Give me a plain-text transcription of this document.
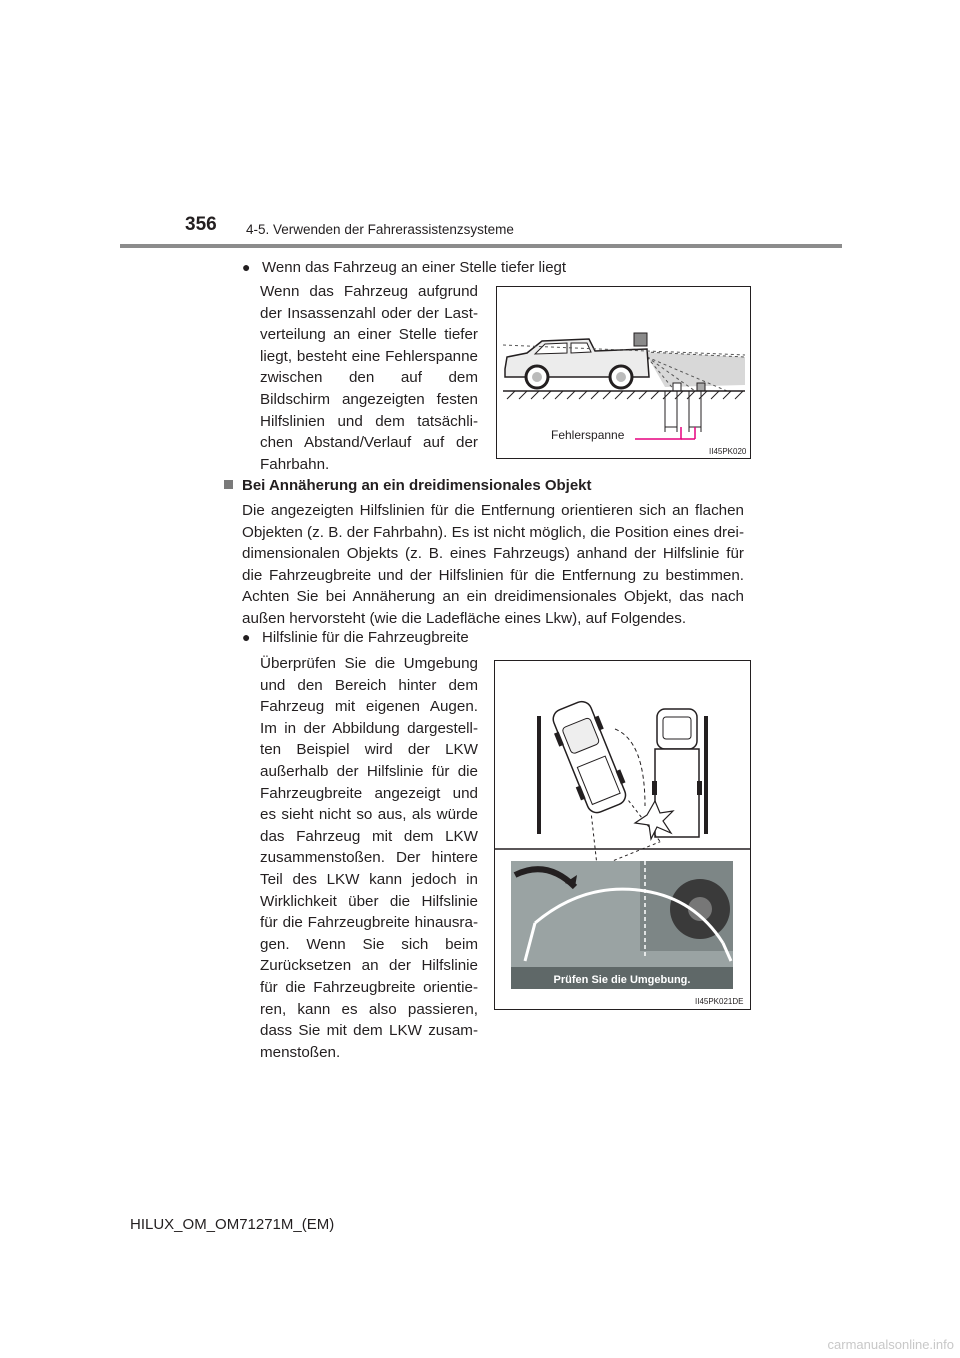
356 4-5. Verwenden der Fahrerassistenzsysteme
● Wenn das Fahrzeug an einer Stelle tiefer liegt
Wenn das Fahrzeug aufgrund der Insassenzahl oder der Lastverteilung an einer Stelle tiefer liegt, besteht eine Fehlerspanne zwischen den auf dem Bildschirm angezeigten festen Hilfslinien und dem tatsächlichen Abstand/Verlauf auf der Fahrbahn.
Fehlerspanne
II45PK020
Bei Annäherung an ein dreidimensionales Objekt
Die angezeigten Hilfslinien für die Entfernung orientieren sich an flachen Objekten (z. B. der Fahrbahn). Es ist nicht möglich, die Position eines dreidimensionalen Objekts (z. B. eines Fahrzeugs) anhand der Hilfslinie für die Fahrzeugbreite und der Hilfslinien für die Entfernung zu bestimmen. Achten Sie bei Annäherung an ein dreidimensionales Objekt, das nach außen hervorsteht (wie die Ladefläche eines Lkw), auf Folgendes.
● Hilfslinie für die Fahrzeugbreite
Überprüfen Sie die Umgebung und den Bereich hinter dem Fahrzeug mit eigenen Augen. Im in der Abbildung dargestellten Beispiel wird der LKW außerhalb der Hilfslinie für die Fahrzeugbreite angezeigt und es sieht nicht so aus, als würde das Fahrzeug mit dem LKW zusammenstoßen. Der hintere Teil des LKW kann jedoch in Wirklichkeit über die Hilfslinie für die Fahrzeugbreite hinausragen. Wenn Sie sich beim Zurücksetzen an der Hilfslinie für die Fahrzeugbreite orientieren, kann es also passieren, dass Sie mit dem LKW zusammenstoßen.
Prüfen Sie die Umgebung.
II45PK021DE
HILUX_OM_OM71271M_(EM)
carmanualsonline.info
